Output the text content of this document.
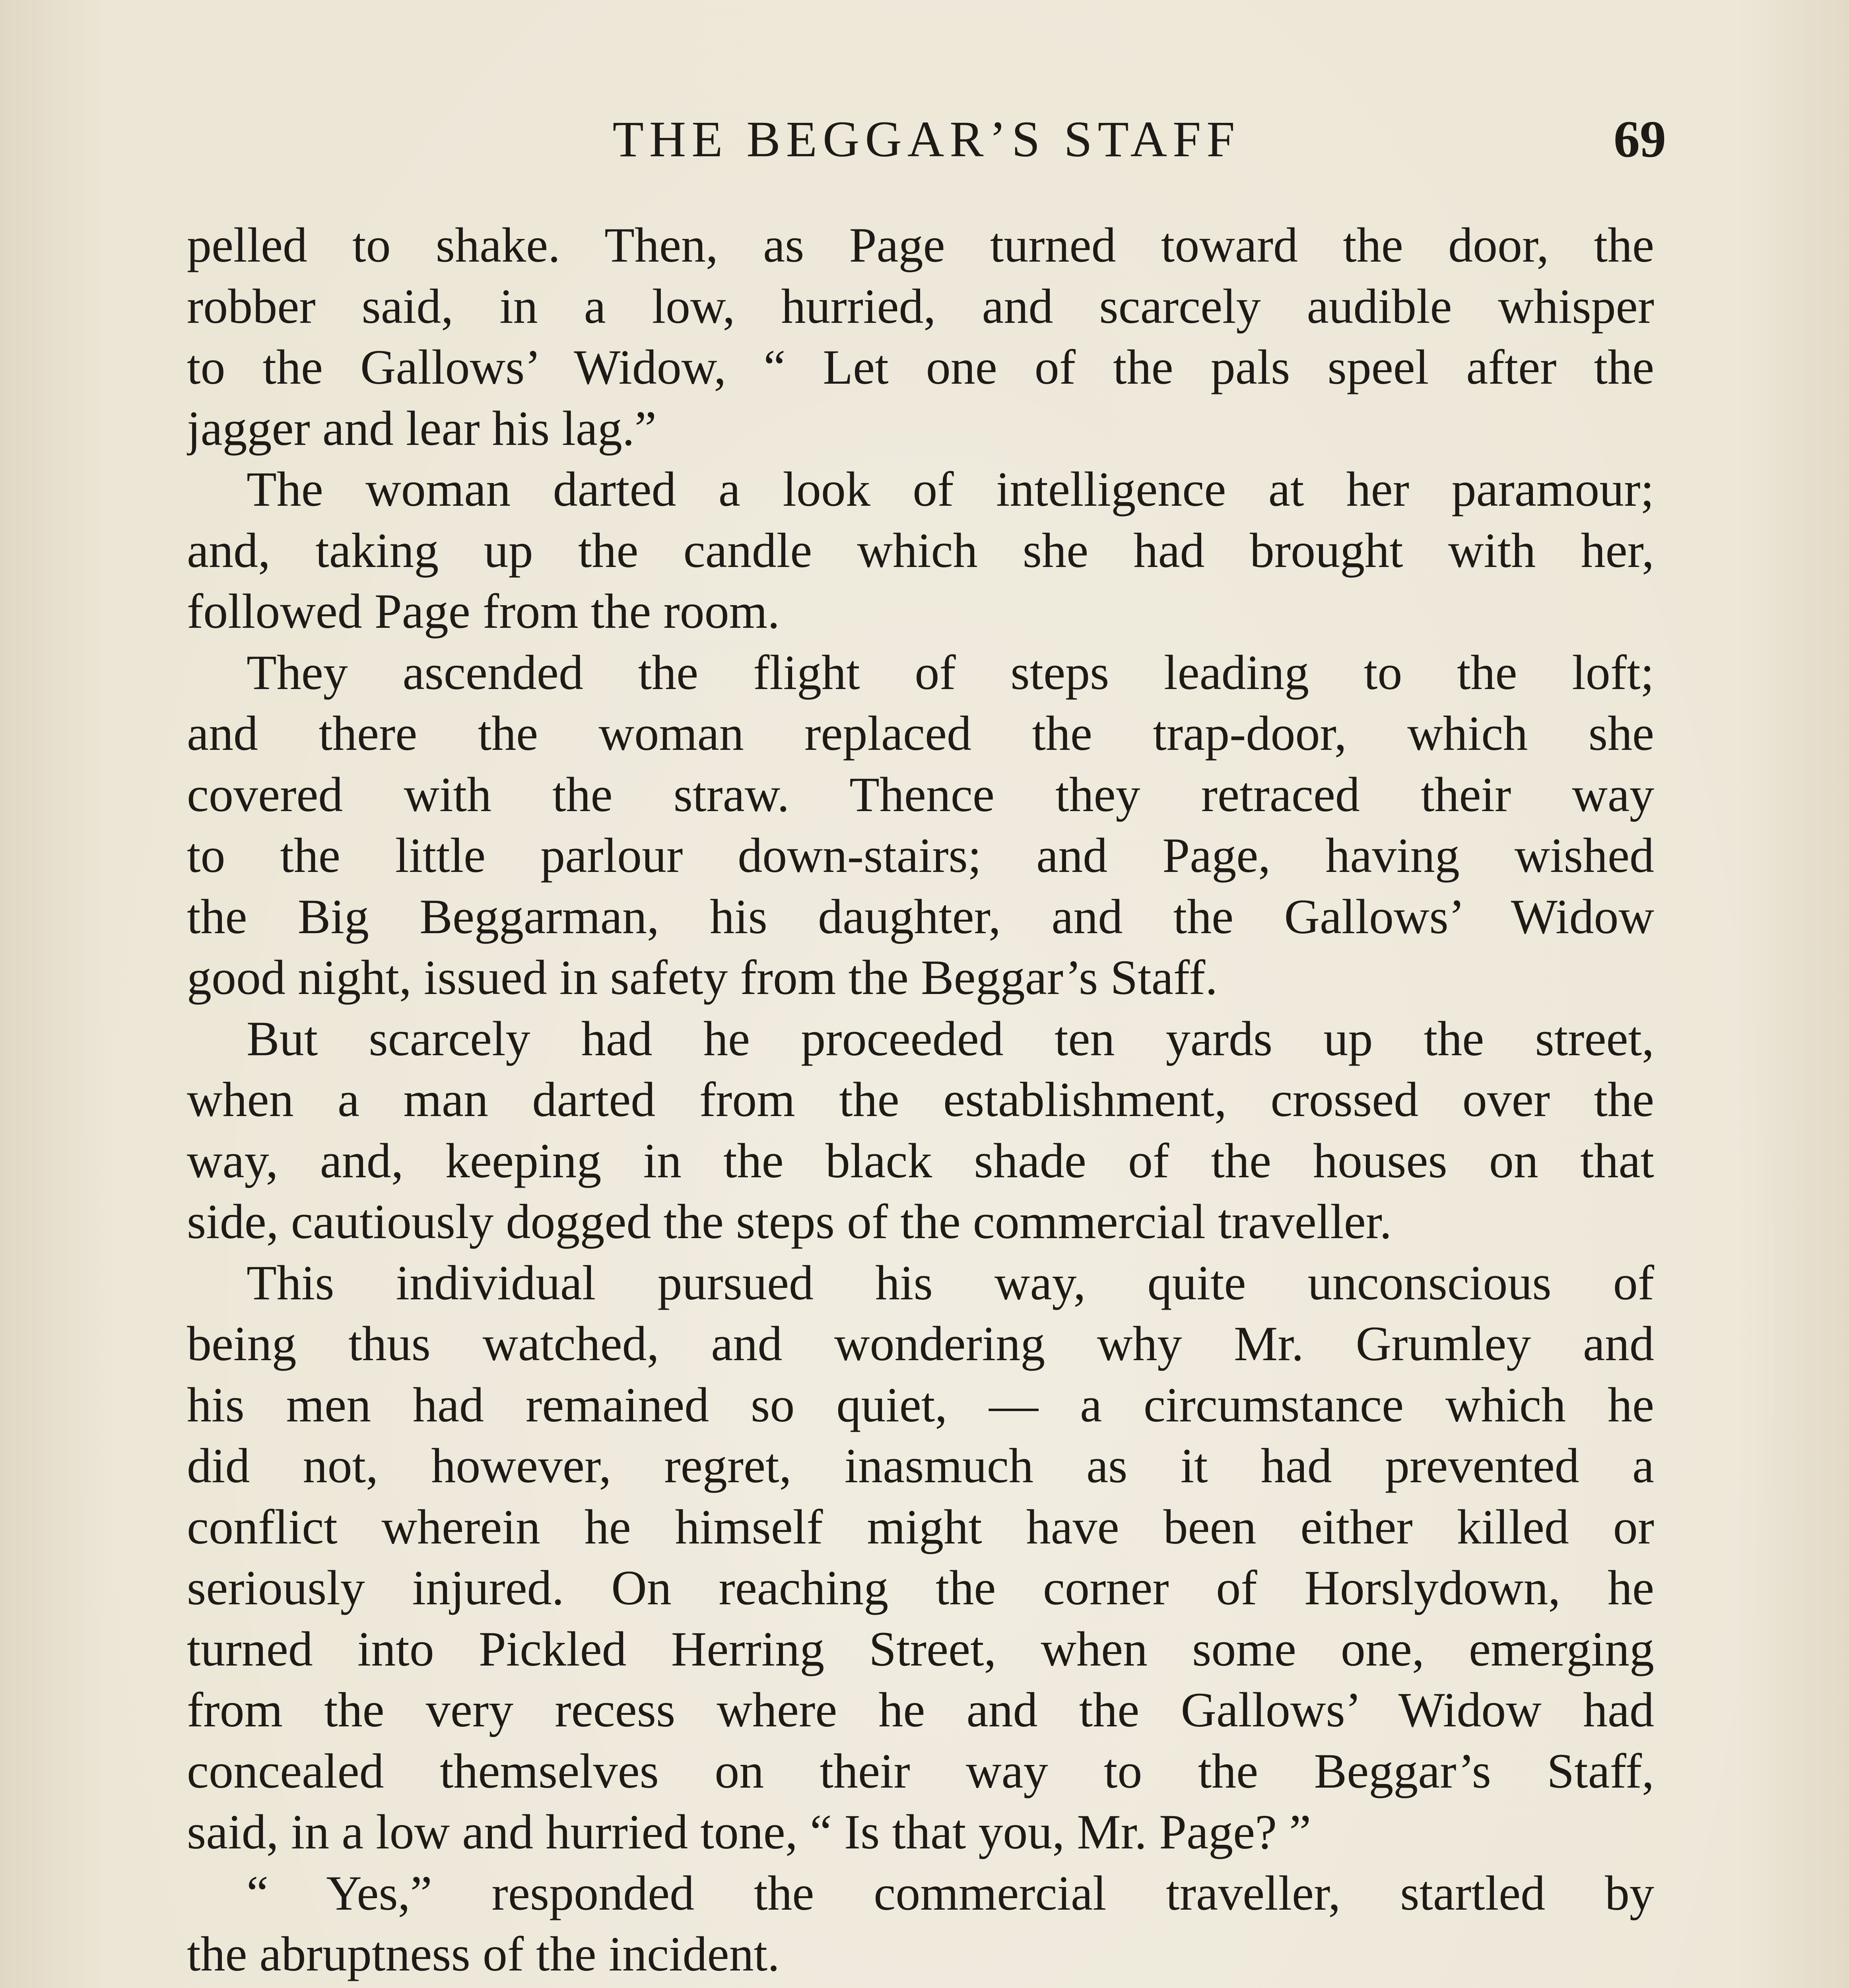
THE BEGGAR’S STAFF	69
pelled to shake. Then, as Page turned toward the door, the
robber said, in a low, hurried, and scarcely audible whisper
to the Gallows’ Widow, “ Let one of the pals speel after the
jagger and lear his lag.”
The woman darted a look of intelligence at her paramour;
and, taking up the candle which she had brought with her,
followed Page from the room.
They ascended the flight of steps leading to the loft;
and there the woman replaced the trap-door, which she
covered with the straw. Thence they retraced their way
to the little parlour down-stairs; and Page, having wished
the Big Beggarman, his daughter, and the Gallows’ Widow
good night, issued in safety from the Beggar’s Staff.
But scarcely had he proceeded ten yards up the street,
when a man darted from the establishment, crossed over the
way, and, keeping in the black shade of the houses on that
side, cautiously dogged the steps of the commercial traveller.
This individual pursued his way, quite unconscious of
being thus watched, and wondering why Mr. Grumley and
his men had remained so quiet, — a circumstance which he
did not, however, regret, inasmuch as it had prevented a
conflict wherein he himself might have been either killed or
seriously injured. On reaching the corner of Horslydown, he
turned into Pickled Herring Street, when some one, emerging
from the very recess where he and the Gallows’ Widow had
concealed themselves on their way to the Beggar’s Staff,
said, in a low and hurried tone, “ Is that you, Mr. Page? ”
“ Yes,” responded the commercial traveller, startled by
the abruptness of the incident.
